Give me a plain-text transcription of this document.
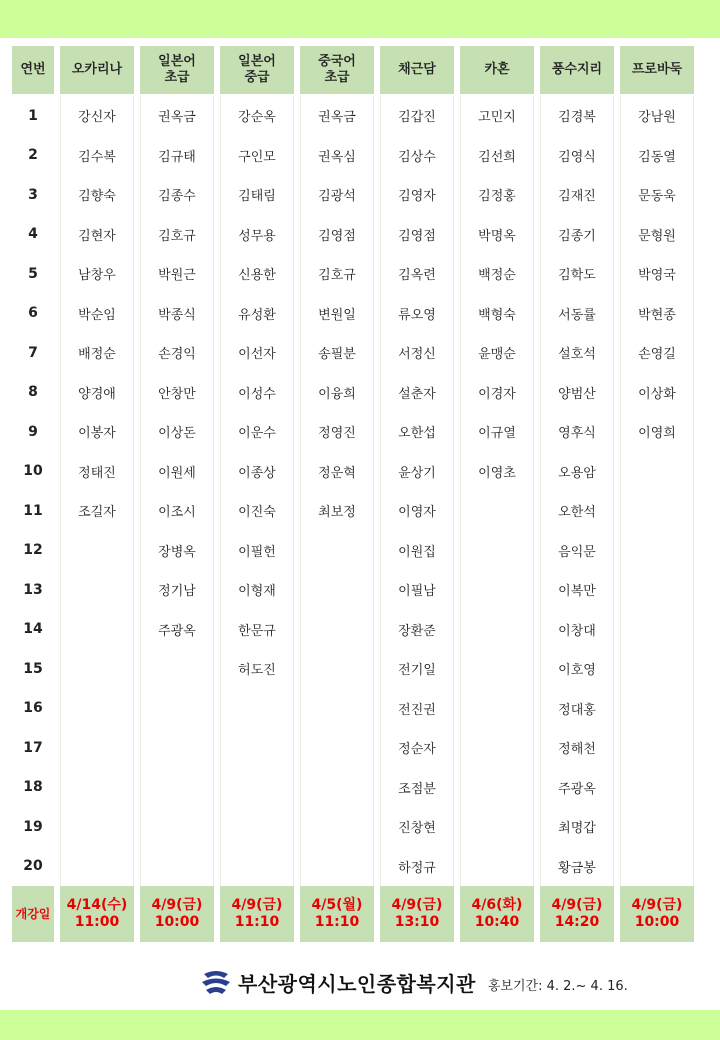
연번
1
2
3
4
5
6
7
8
9
10
11
12
13
14
15
16
17
18
19
20
개강일
오카리나
강신자
김수복
김향숙
김현자
남창우
박순임
배정순
양경애
이봉자
정태진
조길자
4/14(수)
11:00
일본어
초급
권옥금
김규태
김종수
김호규
박원근
박종식
손경익
안창만
이상돈
이원세
이조시
장병옥
정기남
주광옥
4/9(금)
10:00
일본어
중급
강순옥
구인모
김태림
성무용
신용한
유성환
이선자
이성수
이운수
이종상
이진숙
이필헌
이형재
한문규
허도진
4/9(금)
11:10
중국어
초급
권옥금
권옥심
김광석
김영점
김호규
변원일
송필분
이융희
정영진
정운혁
최보정
4/5(월)
11:10
채근담
김갑진
김상수
김영자
김영점
김옥련
류오영
서정신
설춘자
오한섭
윤상기
이영자
이원집
이필남
장환준
전기일
전진권
정순자
조점분
진창현
하정규
4/9(금)
13:10
카혼
고민지
김선희
김정홍
박명옥
백정순
백형숙
윤맹순
이경자
이규열
이영초
4/6(화)
10:40
풍수지리
김경복
김영식
김재진
김종기
김학도
서동률
설호석
양범산
영후식
오용암
오한석
음익문
이복만
이창대
이호영
정대홍
정해천
주광옥
최명갑
황금봉
4/9(금)
14:20
프로바둑
강남원
김동열
문동욱
문형원
박영국
박현종
손영길
이상화
이영희
4/9(금)
10:00
부산광역시노인종합복지관 홍보기간: 4. 2.~ 4. 16.
